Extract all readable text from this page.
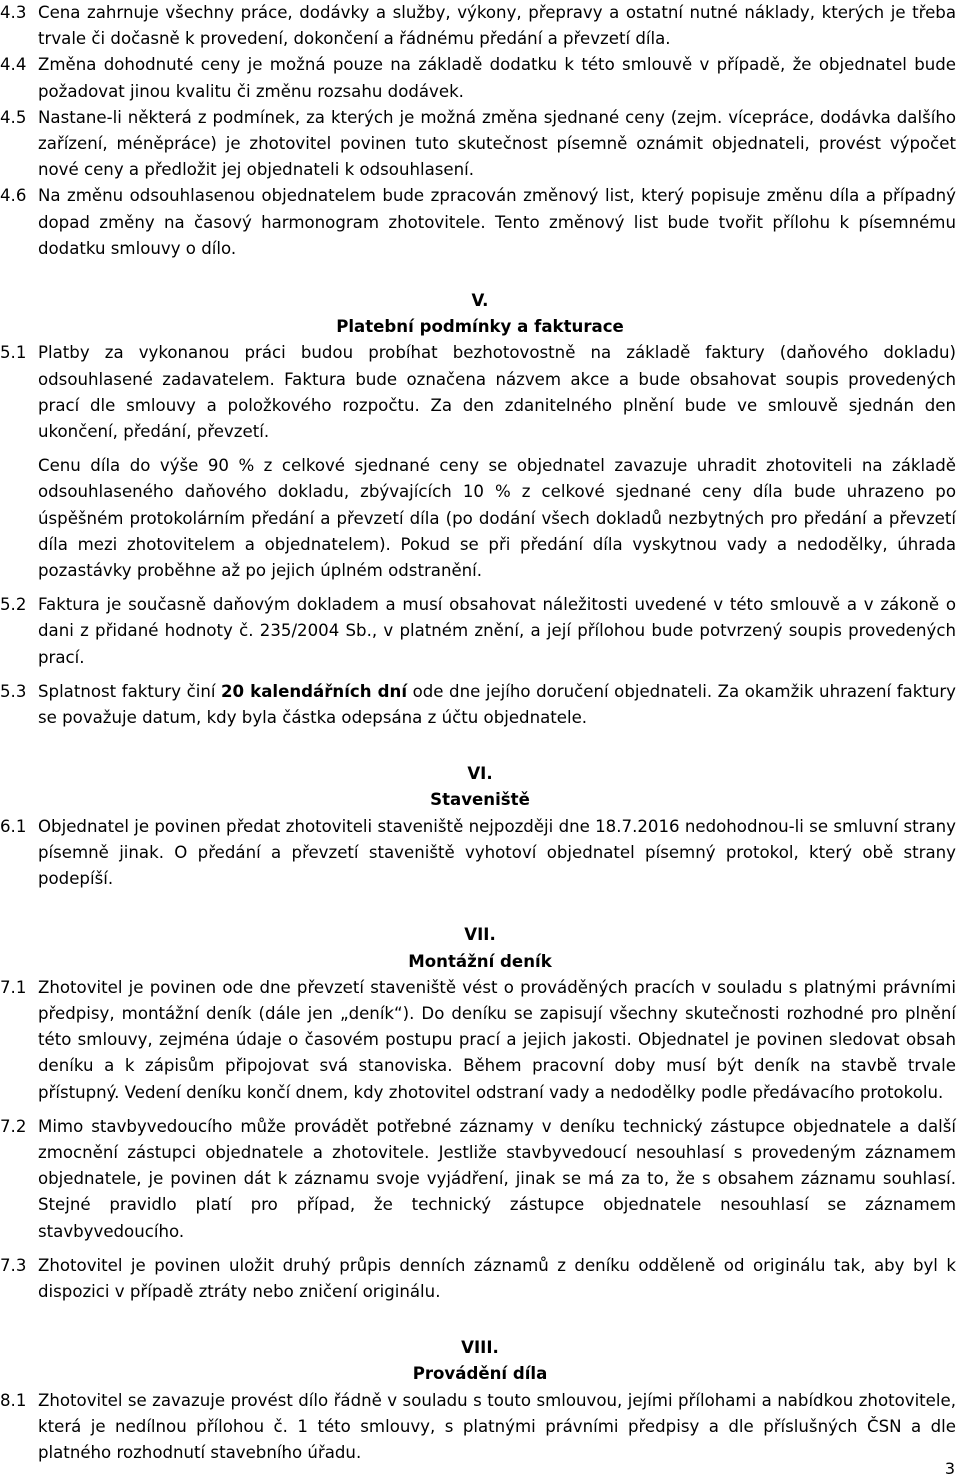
4.3 Cena zahrnuje všechny práce, dodávky a služby, výkony, přepravy a ostatní nutné náklady, kterých je třeba trvale či dočasně k provedení, dokončení a řádnému předání a převzetí díla.
4.4 Změna dohodnuté ceny je možná pouze na základě dodatku k této smlouvě v případě, že objednatel bude požadovat jinou kvalitu či změnu rozsahu dodávek.
4.5 Nastane-li některá z podmínek, za kterých je možná změna sjednané ceny (zejm. vícepráce, dodávka dalšího zařízení, méněpráce) je zhotovitel povinen tuto skutečnost písemně oznámit objednateli, provést výpočet nové ceny a předložit jej objednateli k odsouhlasení.
4.6 Na změnu odsouhlasenou objednatelem bude zpracován změnový list, který popisuje změnu díla a případný dopad změny na časový harmonogram zhotovitele. Tento změnový list bude tvořit přílohu k písemnému dodatku smlouvy o dílo.
V.
Platební podmínky a fakturace
5.1 Platby za vykonanou práci budou probíhat bezhotovostně na základě faktury (daňového dokladu) odsouhlasené zadavatelem. Faktura bude označena názvem akce a bude obsahovat soupis provedených prací dle smlouvy a položkového rozpočtu. Za den zdanitelného plnění bude ve smlouvě sjednán den ukončení, předání, převzetí.
Cenu díla do výše 90 % z celkové sjednané ceny se objednatel zavazuje uhradit zhotoviteli na základě odsouhlaseného daňového dokladu, zbývajících 10 % z celkové sjednané ceny díla bude uhrazeno po úspěšném protokolárním předání a převzetí díla (po dodání všech dokladů nezbytných pro předání a převzetí díla mezi zhotovitelem a objednatelem). Pokud se při předání díla vyskytnou vady a nedodělky, úhrada pozastávky proběhne až po jejich úplném odstranění.
5.2 Faktura je současně daňovým dokladem a musí obsahovat náležitosti uvedené v této smlouvě a v zákoně o dani z přidané hodnoty č. 235/2004 Sb., v platném znění, a její přílohou bude potvrzený soupis provedených prací.
5.3 Splatnost faktury činí 20 kalendářních dní ode dne jejího doručení objednateli. Za okamžik uhrazení faktury se považuje datum, kdy byla částka odepsána z účtu objednatele.
VI.
Staveniště
6.1 Objednatel je povinen předat zhotoviteli staveniště nejpozději dne 18.7.2016 nedohodnou-li se smluvní strany písemně jinak. O předání a převzetí staveniště vyhotoví objednatel písemný protokol, který obě strany podepíší.
VII.
Montážní deník
7.1 Zhotovitel je povinen ode dne převzetí staveniště vést o prováděných pracích v souladu s platnými právními předpisy, montážní deník (dále jen „deník“). Do deníku se zapisují všechny skutečnosti rozhodné pro plnění této smlouvy, zejména údaje o časovém postupu prací a jejich jakosti. Objednatel je povinen sledovat obsah deníku a k zápisům připojovat svá stanoviska. Během pracovní doby musí být deník na stavbě trvale přístupný. Vedení deníku končí dnem, kdy zhotovitel odstraní vady a nedodělky podle předávacího protokolu.
7.2 Mimo stavbyvedoucího může provádět potřebné záznamy v deníku technický zástupce objednatele a další zmocnění zástupci objednatele a zhotovitele. Jestliže stavbyvedoucí nesouhlasí s provedeným záznamem objednatele, je povinen dát k záznamu svoje vyjádření, jinak se má za to, že s obsahem záznamu souhlasí. Stejné pravidlo platí pro případ, že technický zástupce objednatele nesouhlasí se záznamem stavbyvedoucího.
7.3 Zhotovitel je povinen uložit druhý průpis denních záznamů z deníku odděleně od originálu tak, aby byl k dispozici v případě ztráty nebo zničení originálu.
VIII.
Provádění díla
8.1 Zhotovitel se zavazuje provést dílo řádně v souladu s touto smlouvou, jejími přílohami a nabídkou zhotovitele, která je nedílnou přílohou č. 1 této smlouvy, s platnými právními předpisy a dle příslušných ČSN a dle platného rozhodnutí stavebního úřadu.
3
